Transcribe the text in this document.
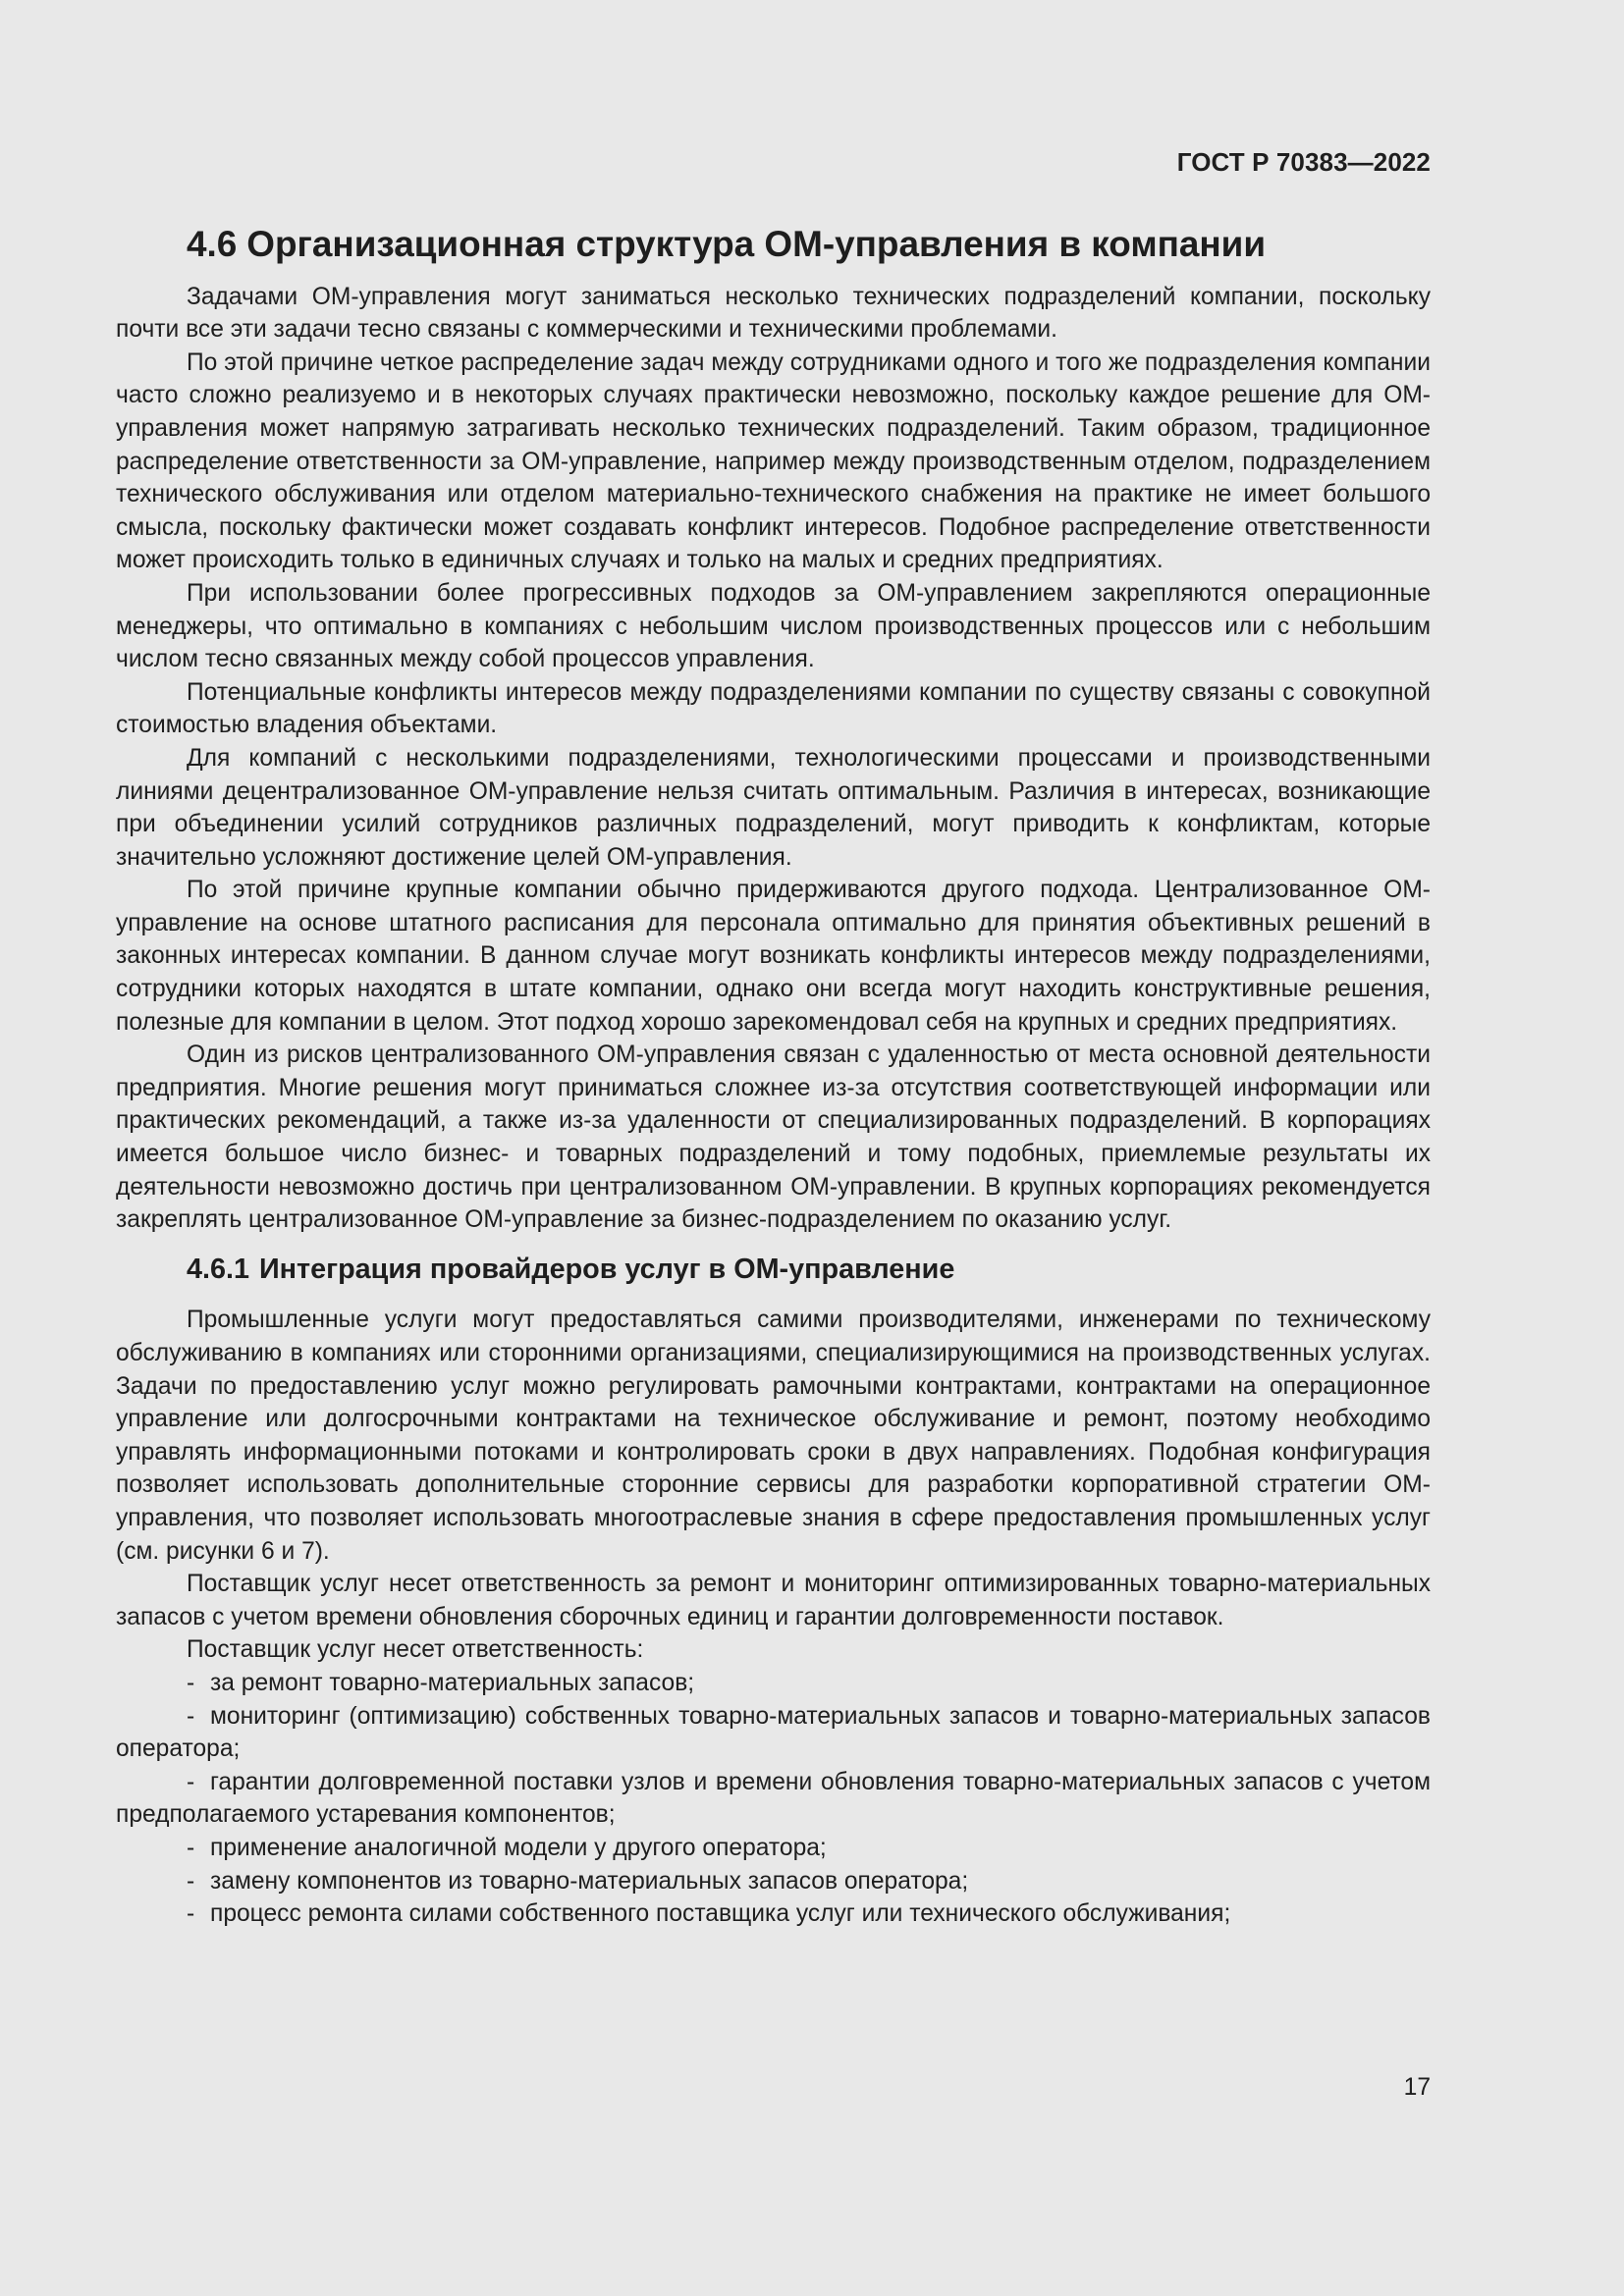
ГОСТ Р 70383—2022
4.6 Организационная структура ОМ-управления в компании

Задачами ОМ-управления могут заниматься несколько технических подразделений компании, поскольку почти все эти задачи тесно связаны с коммерческими и техническими проблемами.

По этой причине четкое распределение задач между сотрудниками одного и того же подразделения компании часто сложно реализуемо и в некоторых случаях практически невозможно, поскольку каждое решение для ОМ-управления может напрямую затрагивать несколько технических подразделений. Таким образом, традиционное распределение ответственности за ОМ-управление, например между производственным отделом, подразделением технического обслуживания или отделом материально-технического снабжения на практике не имеет большого смысла, поскольку фактически может создавать конфликт интересов. Подобное распределение ответственности может происходить только в единичных случаях и только на малых и средних предприятиях.

При использовании более прогрессивных подходов за ОМ-управлением закрепляются операционные менеджеры, что оптимально в компаниях с небольшим числом производственных процессов или с небольшим числом тесно связанных между собой процессов управления.

Потенциальные конфликты интересов между подразделениями компании по существу связаны с совокупной стоимостью владения объектами.

Для компаний с несколькими подразделениями, технологическими процессами и производственными линиями децентрализованное ОМ-управление нельзя считать оптимальным. Различия в интересах, возникающие при объединении усилий сотрудников различных подразделений, могут приводить к конфликтам, которые значительно усложняют достижение целей ОМ-управления.

По этой причине крупные компании обычно придерживаются другого подхода. Централизованное ОМ-управление на основе штатного расписания для персонала оптимально для принятия объективных решений в законных интересах компании. В данном случае могут возникать конфликты интересов между подразделениями, сотрудники которых находятся в штате компании, однако они всегда могут находить конструктивные решения, полезные для компании в целом. Этот подход хорошо зарекомендовал себя на крупных и средних предприятиях.

Один из рисков централизованного ОМ-управления связан с удаленностью от места основной деятельности предприятия. Многие решения могут приниматься сложнее из-за отсутствия соответствующей информации или практических рекомендаций, а также из-за удаленности от специализированных подразделений. В корпорациях имеется большое число бизнес- и товарных подразделений и тому подобных, приемлемые результаты их деятельности невозможно достичь при централизованном ОМ-управлении. В крупных корпорациях рекомендуется закреплять централизованное ОМ-управление за бизнес-подразделением по оказанию услуг.

4.6.1 Интеграция провайдеров услуг в ОМ-управление

Промышленные услуги могут предоставляться самими производителями, инженерами по техническому обслуживанию в компаниях или сторонними организациями, специализирующимися на производственных услугах. Задачи по предоставлению услуг можно регулировать рамочными контрактами, контрактами на операционное управление или долгосрочными контрактами на техническое обслуживание и ремонт, поэтому необходимо управлять информационными потоками и контролировать сроки в двух направлениях. Подобная конфигурация позволяет использовать дополнительные сторонние сервисы для разработки корпоративной стратегии ОМ-управления, что позволяет использовать многоотраслевые знания в сфере предоставления промышленных услуг (см. рисунки 6 и 7).

Поставщик услуг несет ответственность за ремонт и мониторинг оптимизированных товарно-материальных запасов с учетом времени обновления сборочных единиц и гарантии долговременности поставок.

Поставщик услуг несет ответственность:

- за ремонт товарно-материальных запасов;

- мониторинг (оптимизацию) собственных товарно-материальных запасов и товарно-материальных запасов оператора;

- гарантии долговременной поставки узлов и времени обновления товарно-материальных запасов с учетом предполагаемого устаревания компонентов;

- применение аналогичной модели у другого оператора;

- замену компонентов из товарно-материальных запасов оператора;

- процесс ремонта силами собственного поставщика услуг или технического обслуживания;

17
